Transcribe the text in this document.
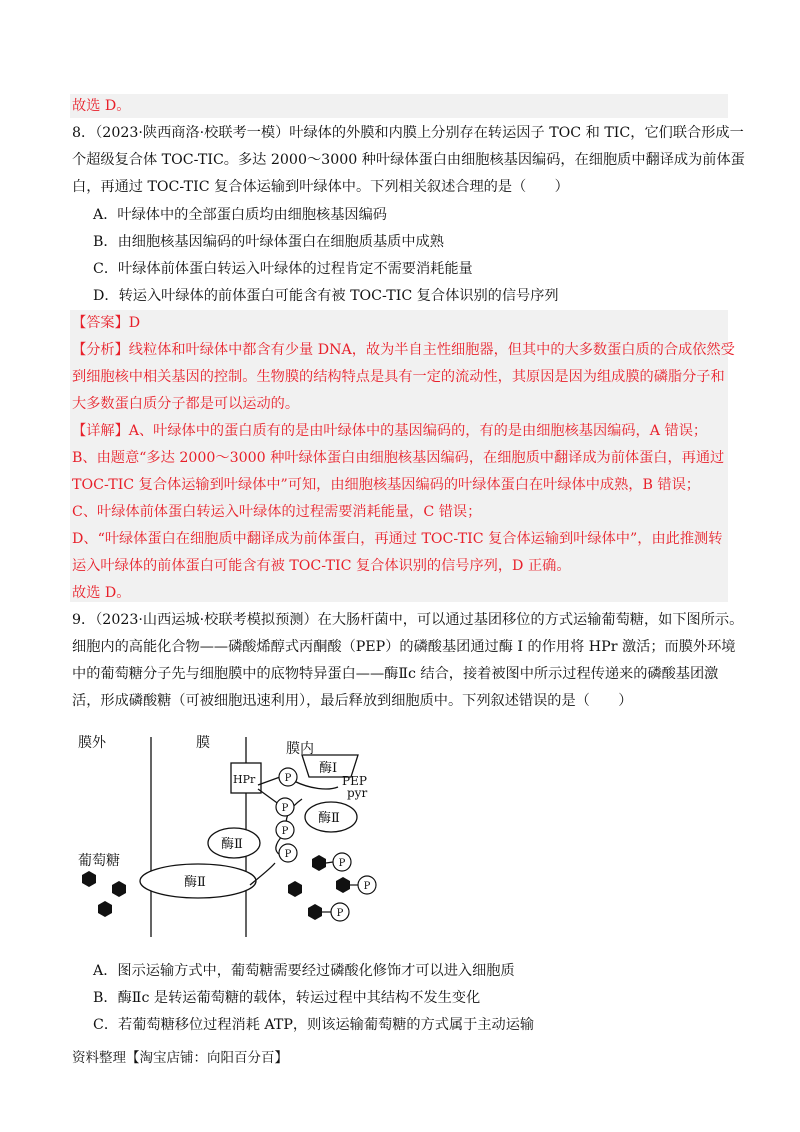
故选 D。
8．（2023·陕西商洛·校联考一模）叶绿体的外膜和内膜上分别存在转运因子 TOC 和 TIC，它们联合形成一
个超级复合体 TOC-TIC。多达 2000～3000 种叶绿体蛋白由细胞核基因编码，在细胞质中翻译成为前体蛋
白，再通过 TOC-TIC 复合体运输到叶绿体中。下列相关叙述合理的是（　　）
A．叶绿体中的全部蛋白质均由细胞核基因编码
B．由细胞核基因编码的叶绿体蛋白在细胞质基质中成熟
C．叶绿体前体蛋白转运入叶绿体的过程肯定不需要消耗能量
D．转运入叶绿体的前体蛋白可能含有被 TOC-TIC 复合体识别的信号序列
【答案】D
【分析】线粒体和叶绿体中都含有少量 DNA，故为半自主性细胞器，但其中的大多数蛋白质的合成依然受
到细胞核中相关基因的控制。生物膜的结构特点是具有一定的流动性，其原因是因为组成膜的磷脂分子和
大多数蛋白质分子都是可以运动的。
【详解】A、叶绿体中的蛋白质有的是由叶绿体中的基因编码的，有的是由细胞核基因编码，A 错误；
B、由题意“多达 2000～3000 种叶绿体蛋白由细胞核基因编码，在细胞质中翻译成为前体蛋白，再通过
TOC-TIC 复合体运输到叶绿体中”可知，由细胞核基因编码的叶绿体蛋白在叶绿体中成熟，B 错误；
C、叶绿体前体蛋白转运入叶绿体的过程需要消耗能量，C 错误；
D、“叶绿体蛋白在细胞质中翻译成为前体蛋白，再通过 TOC-TIC 复合体运输到叶绿体中”，由此推测转
运入叶绿体的前体蛋白可能含有被 TOC-TIC 复合体识别的信号序列，D 正确。
故选 D。
9．（2023·山西运城·校联考模拟预测）在大肠杆菌中，可以通过基团移位的方式运输葡萄糖，如下图所示。
细胞内的高能化合物——磷酸烯醇式丙酮酸（PEP）的磷酸基团通过酶 I 的作用将 HPr 激活；而膜外环境
中的葡萄糖分子先与细胞膜中的底物特异蛋白——酶Ⅱc 结合，接着被图中所示过程传递来的磷酸基团激
活，形成磷酸糖（可被细胞迅速利用），最后释放到细胞质中。下列叙述错误的是（　　）
膜外	膜	膜内
葡萄糖
酶Ⅰ
酶Ⅱ
酶Ⅱ
酶Ⅱ
HPr	PEP
pyr
P
P
P
P
P
P
P
A．图示运输方式中，葡萄糖需要经过磷酸化修饰才可以进入细胞质
B．酶Ⅱc 是转运葡萄糖的载体，转运过程中其结构不发生变化
C．若葡萄糖移位过程消耗 ATP，则该运输葡萄糖的方式属于主动运输
资料整理【淘宝店铺：向阳百分百】
